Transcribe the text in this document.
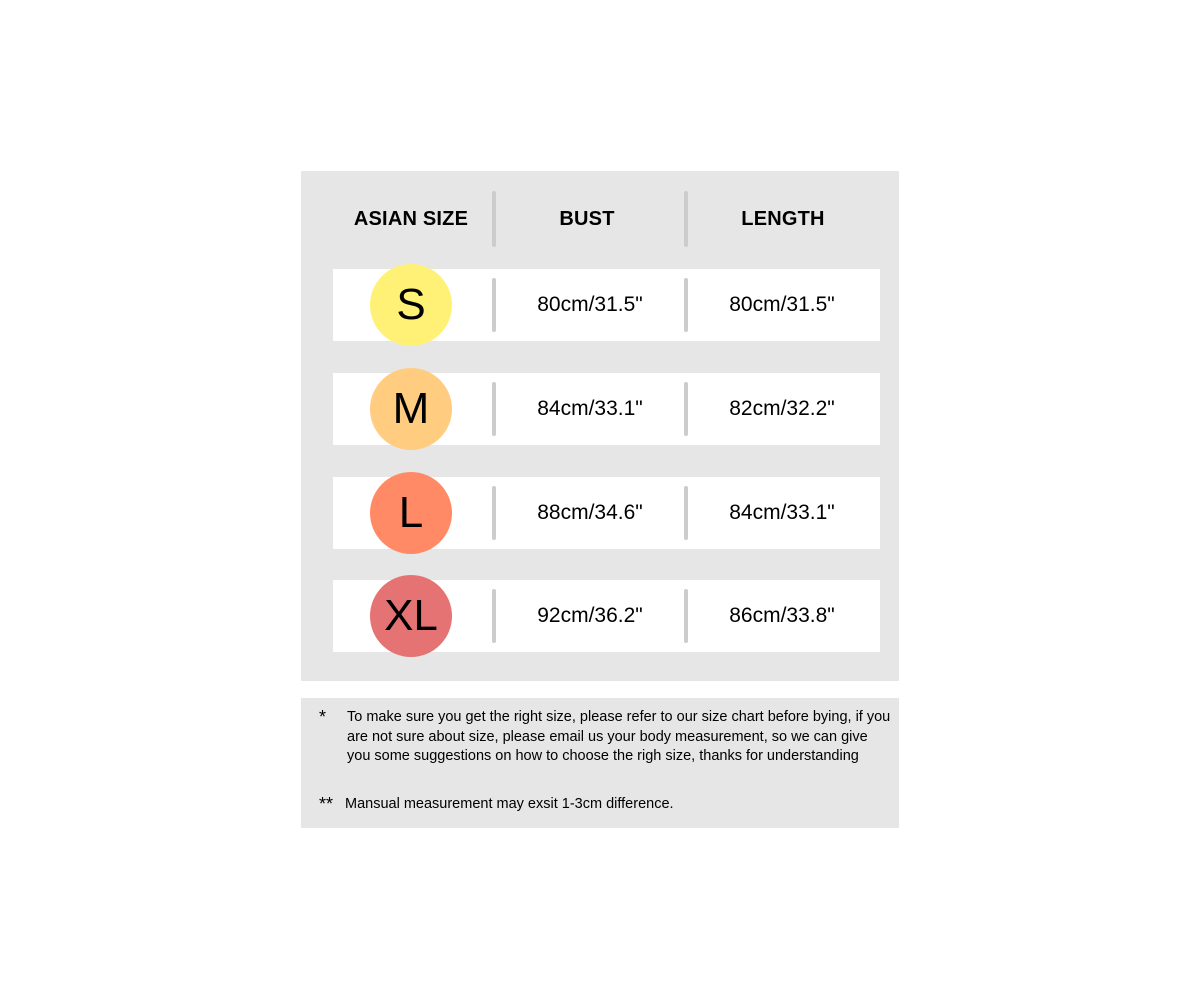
ASIAN SIZE	BUST	LENGTH
S	80cm/31.5"	80cm/31.5"
M	84cm/33.1"	82cm/32.2"
L	88cm/34.6"	84cm/33.1"
XL	92cm/36.2"	86cm/33.8"
* To make sure you get the right size, please refer to our size chart before bying, if you are not sure about size, please email us your body measurement, so we can give you some suggestions on how to choose the righ size, thanks for understanding
** Mansual measurement may exsit 1-3cm difference.
